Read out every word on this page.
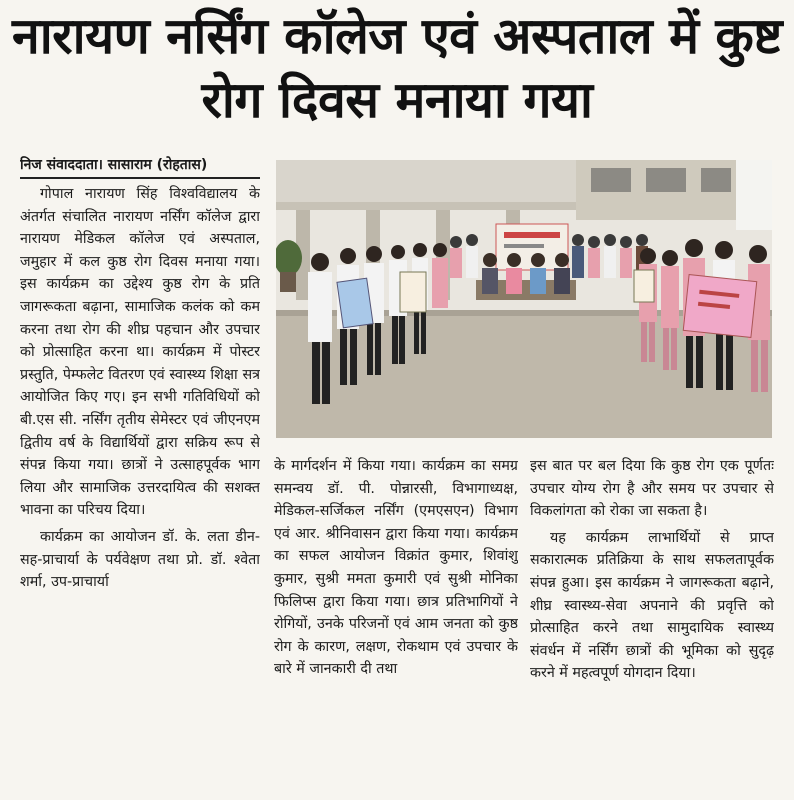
नारायण नर्सिंग कॉलेज एवं अस्पताल में कुष्ट रोग दिवस मनाया गया
निज संवाददाता। सासाराम (रोहतास)

गोपाल नारायण सिंह विश्वविद्यालय के अंतर्गत संचालित नारायण नर्सिंग कॉलेज द्वारा नारायण मेडिकल कॉलेज एवं अस्पताल, जमुहार में कल कुष्ठ रोग दिवस मनाया गया। इस कार्यक्रम का उद्देश्य कुष्ठ रोग के प्रति जागरूकता बढ़ाना, सामाजिक कलंक को कम करना तथा रोग की शीघ्र पहचान और उपचार को प्रोत्साहित करना था। कार्यक्रम में पोस्टर प्रस्तुति, पेम्फलेट वितरण एवं स्वास्थ्य शिक्षा सत्र आयोजित किए गए। इन सभी गतिविधियों को बी.एस सी. नर्सिंग तृतीय सेमेस्टर एवं जीएनएम द्वितीय वर्ष के विद्यार्थियों द्वारा सक्रिय रूप से संपन्न किया गया। छात्रों ने उत्साहपूर्वक भाग लिया और सामाजिक उत्तरदायित्व की सशक्त भावना का परिचय दिया।

कार्यक्रम का आयोजन डॉ. के. लता डीन-सह-प्राचार्या के पर्यवेक्षण तथा प्रो. डॉ. श्वेता शर्मा, उप-प्राचार्या

के मार्गदर्शन में किया गया। कार्यक्रम का समग्र समन्वय डॉ. पी. पोन्नारसी, विभागाध्यक्ष, मेडिकल-सर्जिकल नर्सिंग (एमएसएन) विभाग एवं आर. श्रीनिवासन द्वारा किया गया। कार्यक्रम का सफल आयोजन विक्रांत कुमार, शिवांशु कुमार, सुश्री ममता कुमारी एवं सुश्री मोनिका फिलिप्स द्वारा किया गया। छात्र प्रतिभागियों ने रोगियों, उनके परिजनों एवं आम जनता को कुष्ठ रोग के कारण, लक्षण, रोकथाम एवं उपचार के बारे में जानकारी दी तथा

इस बात पर बल दिया कि कुष्ठ रोग एक पूर्णतः उपचार योग्य रोग है और समय पर उपचार से विकलांगता को रोका जा सकता है।

यह कार्यक्रम लाभार्थियों से प्राप्त सकारात्मक प्रतिक्रिया के साथ सफलतापूर्वक संपन्न हुआ। इस कार्यक्रम ने जागरूकता बढ़ाने, शीघ्र स्वास्थ्य-सेवा अपनाने की प्रवृत्ति को प्रोत्साहित करने तथा सामुदायिक स्वास्थ्य संवर्धन में नर्सिंग छात्रों की भूमिका को सुदृढ़ करने में महत्वपूर्ण योगदान दिया।
